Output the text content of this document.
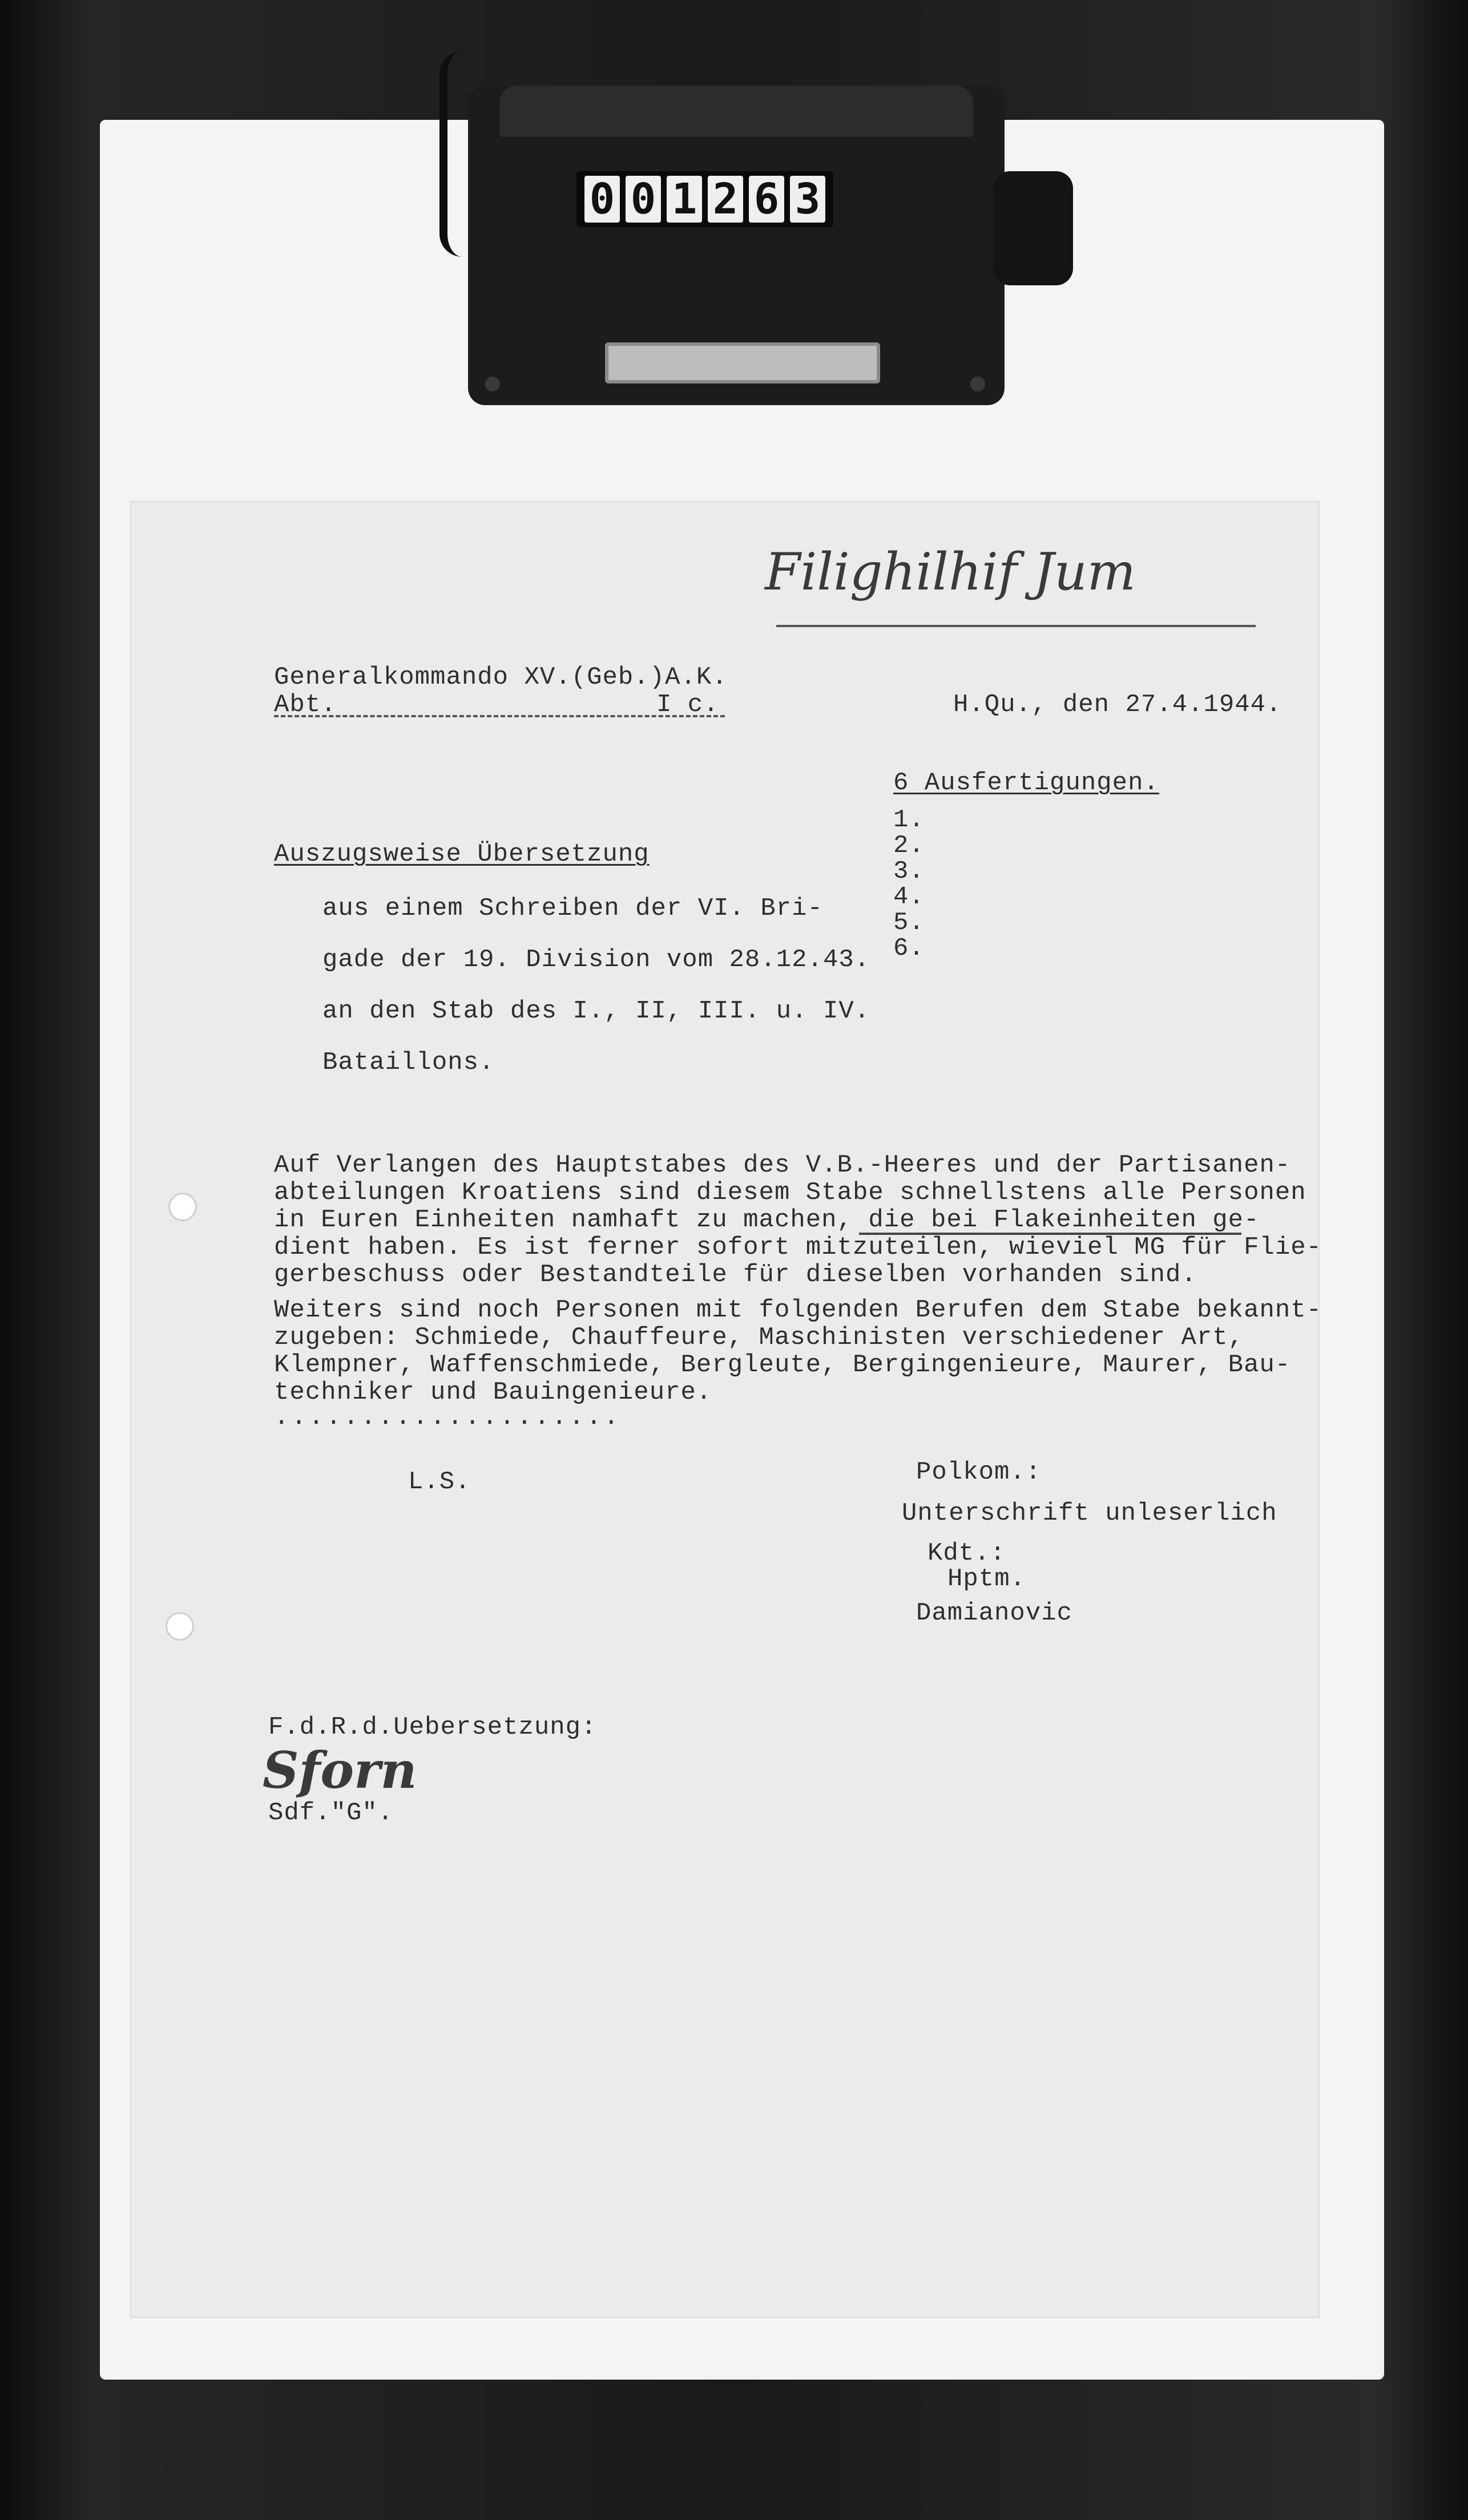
0 0 1 2 6 3
Filighilhif Jum
Generalkommando XV.(Geb.)A.K.
Abt.	I c.	H.Qu., den 27.4.1944.
6 Ausfertigungen.
1.
2.
3.
4.
5.
6.
Auszugsweise Übersetzung
aus einem Schreiben der VI. Bri-
gade der 19. Division vom 28.12.43.
an den Stab des I., II, III. u. IV.
Bataillons.
Auf Verlangen des Hauptstabes des V.B.-Heeres und der Partisanen-
abteilungen Kroatiens sind diesem Stabe schnellstens alle Personen
in Euren Einheiten namhaft zu machen, die bei Flakeinheiten ge-
dient haben. Es ist ferner sofort mitzuteilen, wieviel MG für Flie-
gerbeschuss oder Bestandteile für dieselben vorhanden sind.
Weiters sind noch Personen mit folgenden Berufen dem Stabe bekannt-
zugeben: Schmiede, Chauffeure, Maschinisten verschiedener Art,
Klempner, Waffenschmiede, Bergleute, Bergingenieure, Maurer, Bau-
techniker und Bauingenieure.
....................
L.S.	Polkom.:
Unterschrift unleserlich
Kdt.:
Hptm.
Damianovic
F.d.R.d.Uebersetzung:
Sforn
Sdf."G".
